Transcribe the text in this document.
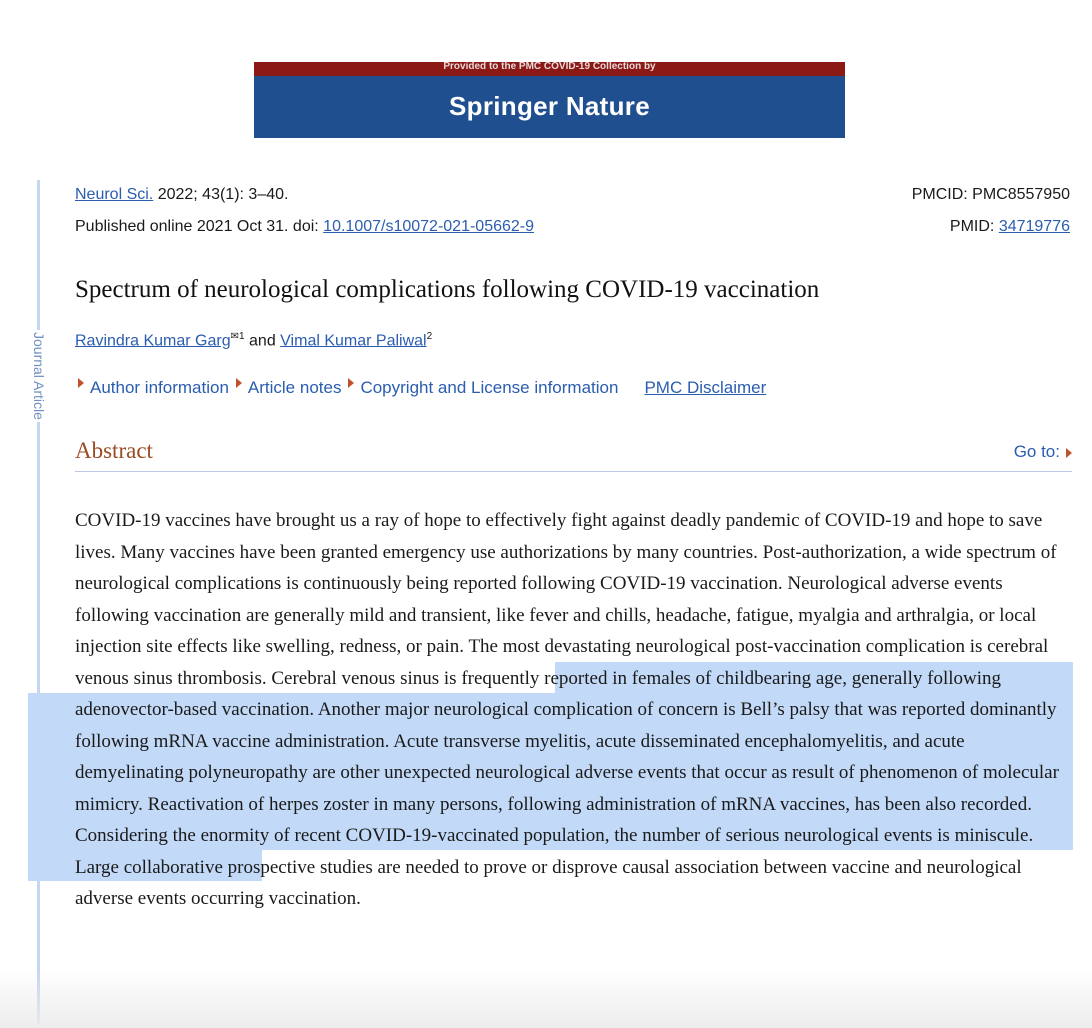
Provided to the PMC COVID-19 Collection by
Springer Nature
Journal Article
Neurol Sci. 2022; 43(1): 3–40.
Published online 2021 Oct 31. doi: 10.1007/s10072-021-05662-9
PMCID: PMC8557950
PMID: 34719776
Spectrum of neurological complications following COVID-19 vaccination
Ravindra Kumar Garg$^{✉1}$ and Vimal Kumar Paliwal$^2$
Author information Article notes Copyright and License information PMC Disclaimer
Abstract	Go to:
COVID-19 vaccines have brought us a ray of hope to effectively fight against deadly pandemic of COVID-19 and hope to save lives. Many vaccines have been granted emergency use authorizations by many countries. Post-authorization, a wide spectrum of neurological complications is continuously being reported following COVID-19 vaccination. Neurological adverse events following vaccination are generally mild and transient, like fever and chills, headache, fatigue, myalgia and arthralgia, or local injection site effects like swelling, redness, or pain. The most devastating neurological post-vaccination complication is cerebral venous sinus thrombosis. Cerebral venous sinus is frequently reported in females of childbearing age, generally following adenovector-based vaccination. Another major neurological complication of concern is Bell’s palsy that was reported dominantly following mRNA vaccine administration. Acute transverse myelitis, acute disseminated encephalomyelitis, and acute demyelinating polyneuropathy are other unexpected neurological adverse events that occur as result of phenomenon of molecular mimicry. Reactivation of herpes zoster in many persons, following administration of mRNA vaccines, has been also recorded. Considering the enormity of recent COVID-19-vaccinated population, the number of serious neurological events is miniscule. Large collaborative prospective studies are needed to prove or disprove causal association between vaccine and neurological adverse events occurring vaccination.
